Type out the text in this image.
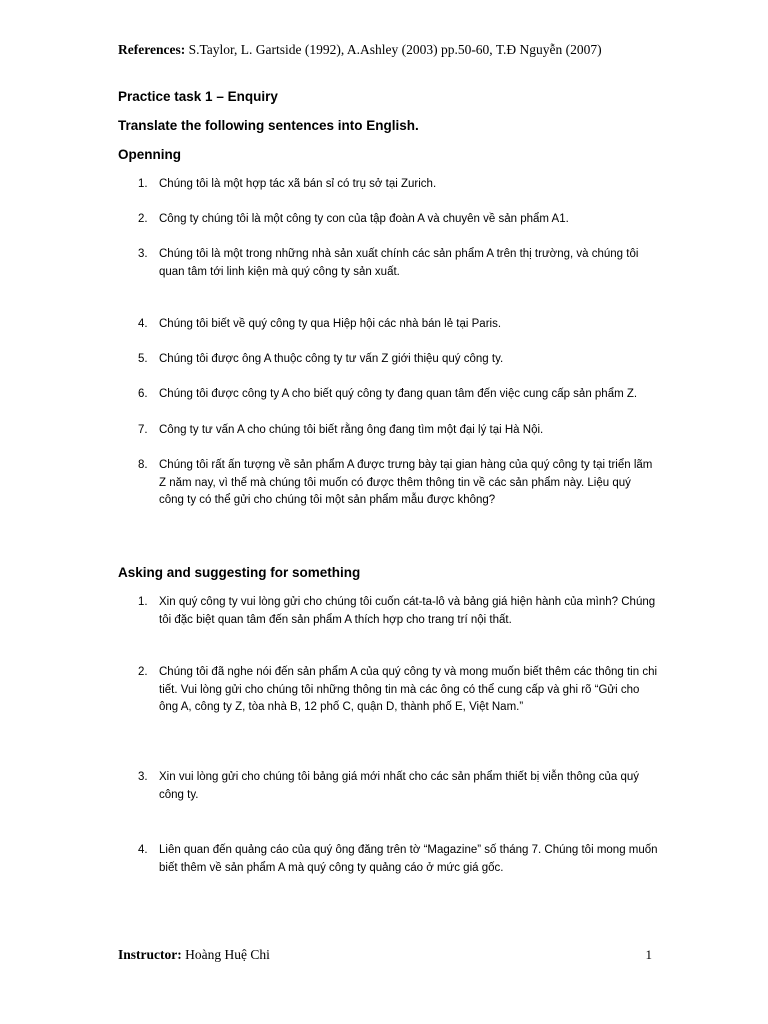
References: S.Taylor, L. Gartside (1992), A.Ashley (2003) pp.50-60, T.Đ Nguyễn (2007)
Practice task 1 – Enquiry
Translate the following sentences into English.
Openning
1. Chúng tôi là một hợp tác xã bán sỉ có trụ sở tại Zurich.
2. Công ty chúng tôi là một công ty con của tập đoàn A và chuyên về sản phẩm A1.
3. Chúng tôi là một trong những nhà sản xuất chính các sản phẩm A trên thị trường, và chúng tôi quan tâm tới linh kiện mà quý công ty sản xuất.
4. Chúng tôi biết về quý công ty qua Hiệp hội các nhà bán lẻ tại Paris.
5. Chúng tôi được ông A thuộc công ty tư vấn Z giới thiệu quý công ty.
6. Chúng tôi được công ty A cho biết quý công ty đang quan tâm đến việc cung cấp sản phẩm Z.
7. Công ty tư vấn A cho chúng tôi biết rằng ông đang tìm một đại lý tại Hà Nội.
8. Chúng tôi rất ấn tượng về sản phẩm A được trưng bày tại gian hàng của quý công ty tại triển lãm Z năm nay, vì thế mà chúng tôi muốn có được thêm thông tin về các sản phẩm này. Liệu quý công ty có thể gửi cho chúng tôi một sản phẩm mẫu được không?
Asking and suggesting for something
1. Xin quý công ty vui lòng gửi cho chúng tôi cuốn cát-ta-lô và bảng giá hiện hành của mình? Chúng tôi đặc biệt quan tâm đến sản phẩm A thích hợp cho trang trí nội thất.
2. Chúng tôi đã nghe nói đến sản phẩm A của quý công ty và mong muốn biết thêm các thông tin chi tiết. Vui lòng gửi cho chúng tôi những thông tin mà các ông có thể cung cấp và ghi rõ “Gửi cho ông A, công ty Z, tòa nhà B, 12 phố C, quận D, thành phố E, Việt Nam.”
3. Xin vui lòng gửi cho chúng tôi bảng giá mới nhất cho các sản phẩm thiết bị viễn thông của quý công ty.
4. Liên quan đến quảng cáo của quý ông đăng trên tờ “Magazine” số tháng 7. Chúng tôi mong muốn biết thêm về sản phẩm A mà quý công ty quảng cáo ở mức giá gốc.
Instructor: Hoàng Huệ Chi	1
